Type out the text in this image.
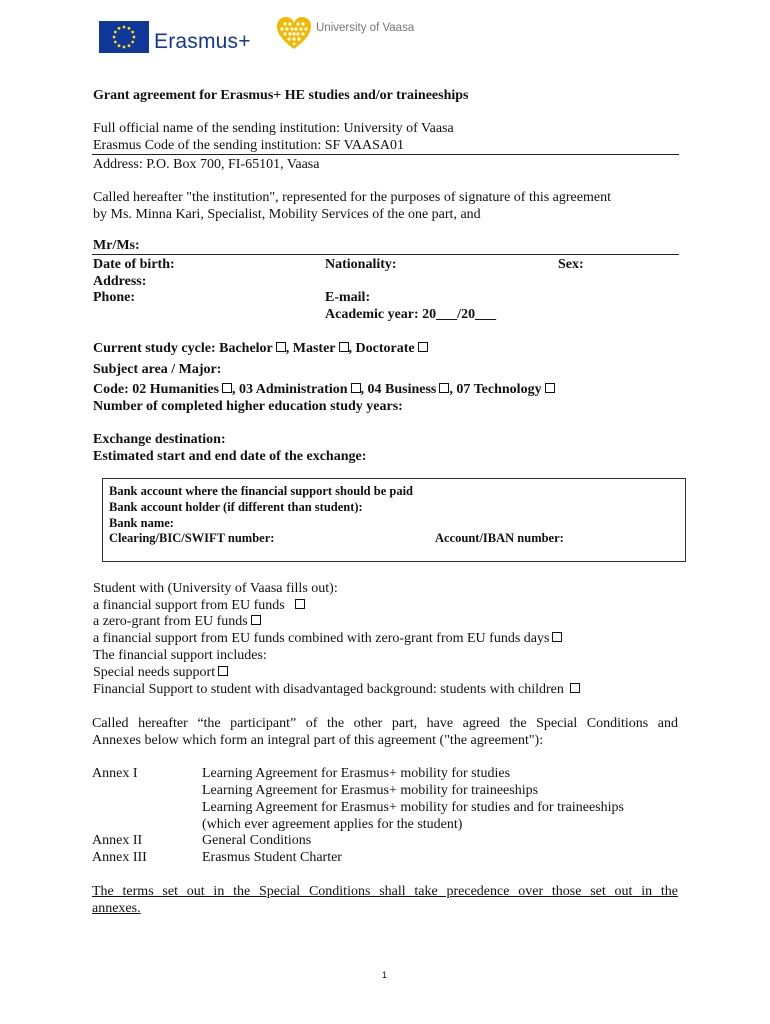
Erasmus+
University of Vaasa
Grant agreement for Erasmus+ HE studies and/or traineeships
Full official name of the sending institution: University of Vaasa
Erasmus Code of the sending institution: SF VAASA01
Address: P.O. Box 700, FI-65101, Vaasa
Called hereafter "the institution", represented for the purposes of signature of this agreement
by Ms. Minna Kari, Specialist, Mobility Services of the one part, and
Mr/Ms:
Date of birth:	Nationality:	Sex:
Address:
Phone:	E-mail:
Academic year: 20___/20___
Current study cycle: Bachelor , Master , Doctorate
Subject area / Major:
Code: 02 Humanities , 03 Administration , 04 Business , 07 Technology
Number of completed higher education study years:
Exchange destination:
Estimated start and end date of the exchange:
Bank account where the financial support should be paid
Bank account holder (if different than student):
Bank name:
Clearing/BIC/SWIFT number:	Account/IBAN number:
Student with (University of Vaasa fills out):
a financial support from EU funds
a zero-grant from EU funds
a financial support from EU funds combined with zero-grant from EU funds days
The financial support includes:
Special needs support
Financial Support to student with disadvantaged background: students with children
Called hereafter “the participant” of the other part, have agreed the Special Conditions and
Annexes below which form an integral part of this agreement ("the agreement"):
Annex I	Learning Agreement for Erasmus+ mobility for studies
Learning Agreement for Erasmus+ mobility for traineeships
Learning Agreement for Erasmus+ mobility for studies and for traineeships
(which ever agreement applies for the student)
Annex II	General Conditions
Annex III	Erasmus Student Charter
The terms set out in the Special Conditions shall take precedence over those set out in the
annexes.
1
